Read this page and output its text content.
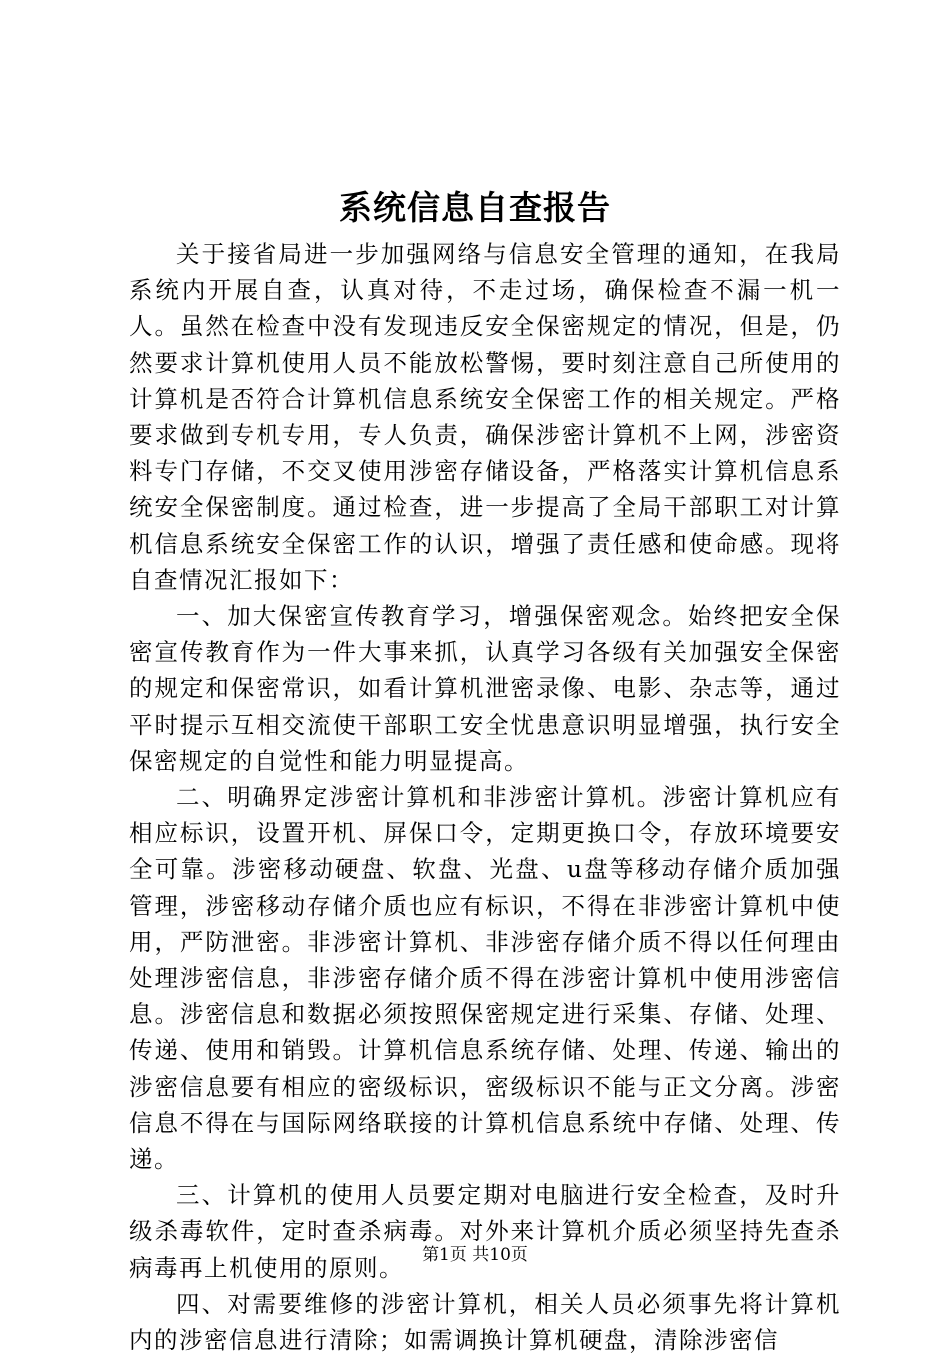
系统信息自查报告

关于接省局进一步加强网络与信息安全管理的通知，在我局系统内开展自查，认真对待，不走过场，确保检查不漏一机一人。虽然在检查中没有发现违反安全保密规定的情况，但是，仍然要求计算机使用人员不能放松警惕，要时刻注意自己所使用的计算机是否符合计算机信息系统安全保密工作的相关规定。严格要求做到专机专用，专人负责，确保涉密计算机不上网，涉密资料专门存储，不交叉使用涉密存储设备，严格落实计算机信息系统安全保密制度。通过检查，进一步提高了全局干部职工对计算机信息系统安全保密工作的认识，增强了责任感和使命感。现将自查情况汇报如下：

一、加大保密宣传教育学习，增强保密观念。始终把安全保密宣传教育作为一件大事来抓，认真学习各级有关加强安全保密的规定和保密常识，如看计算机泄密录像、电影、杂志等，通过平时提示互相交流使干部职工安全忧患意识明显增强，执行安全保密规定的自觉性和能力明显提高。

二、明确界定涉密计算机和非涉密计算机。涉密计算机应有相应标识，设置开机、屏保口令，定期更换口令，存放环境要安全可靠。涉密移动硬盘、软盘、光盘、u盘等移动存储介质加强管理，涉密移动存储介质也应有标识，不得在非涉密计算机中使用，严防泄密。非涉密计算机、非涉密存储介质不得以任何理由处理涉密信息，非涉密存储介质不得在涉密计算机中使用涉密信息。涉密信息和数据必须按照保密规定进行采集、存储、处理、传递、使用和销毁。计算机信息系统存储、处理、传递、输出的涉密信息要有相应的密级标识，密级标识不能与正文分离。涉密信息不得在与国际网络联接的计算机信息系统中存储、处理、传递。

三、计算机的使用人员要定期对电脑进行安全检查，及时升级杀毒软件，定时查杀病毒。对外来计算机介质必须坚持先查杀病毒再上机使用的原则。

四、对需要维修的涉密计算机，相关人员必须事先将计算机内的涉密信息进行清除；如需调换计算机硬盘，清除涉密信

第1页 共10页
